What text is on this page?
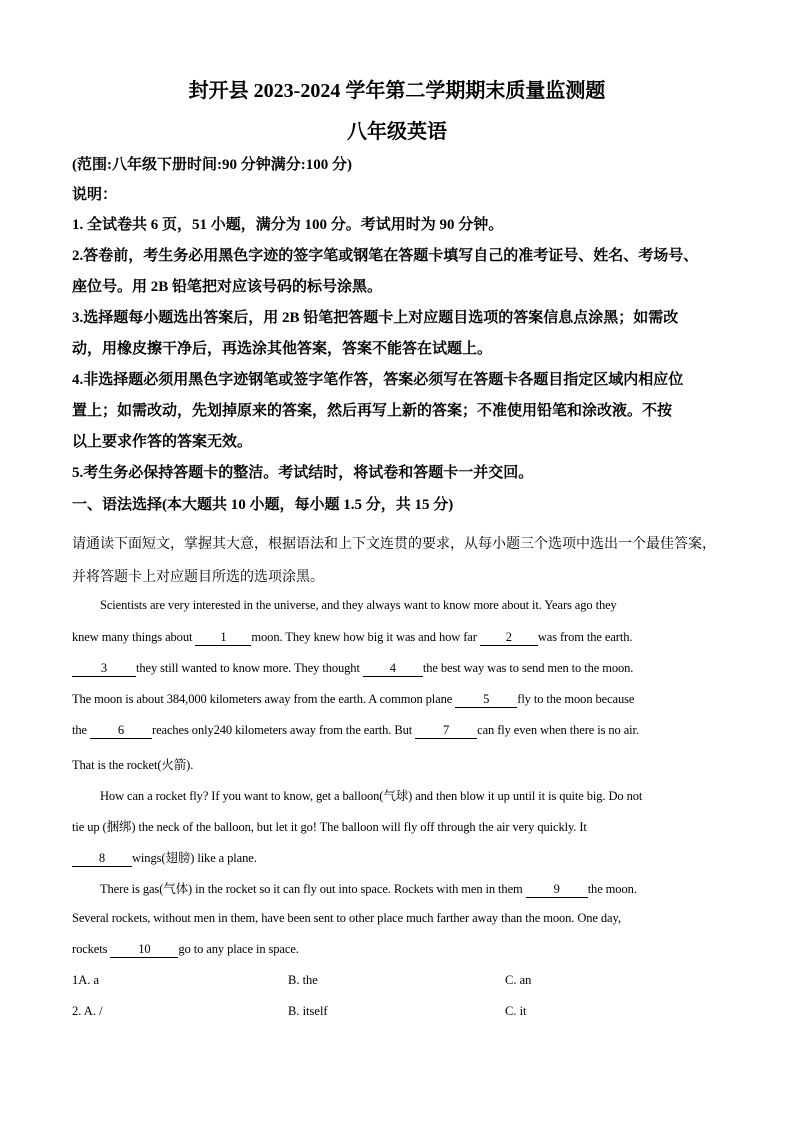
封开县 2023-2024 学年第二学期期末质量监测题
八年级英语
(范围:八年级下册时间:90 分钟满分:100 分)
说明：
1. 全试卷共 6 页，51 小题，满分为 100 分。考试用时为 90 分钟。
2.答卷前，考生务必用黑色字迹的签字笔或钢笔在答题卡填写自己的准考证号、姓名、考场号、
座位号。用 2B 铅笔把对应该号码的标号涂黑。
3.选择题每小题选出答案后，用 2B 铅笔把答题卡上对应题目选项的答案信息点涂黑；如需改
动，用橡皮擦干净后，再选涂其他答案，答案不能答在试题上。
4.非选择题必须用黑色字迹钢笔或签字笔作答，答案必须写在答题卡各题目指定区域内相应位
置上；如需改动，先划掉原来的答案，然后再写上新的答案；不准使用铅笔和涂改液。不按
以上要求作答的答案无效。
5.考生务必保持答题卡的整洁。考试结时，将试卷和答题卡一并交回。
一、语法选择(本大题共 10 小题，每小题 1.5 分，共 15 分)
请通读下面短文，掌握其大意，根据语法和上下文连贯的要求，从每小题三个选项中选出一个最佳答案，
并将答题卡上对应题目所选的选项涂黑。
Scientists are very interested in the universe, and they always want to know more about it. Years ago they
knew many things about 1 moon. They knew how big it was and how far 2 was from the earth.
3 they still wanted to know more. They thought 4 the best way was to send men to the moon.
The moon is about 384,000 kilometers away from the earth. A common plane 5 fly to the moon because
the 6 reaches only240 kilometers away from the earth. But 7 can fly even when there is no air.
That is the rocket(火箭).
How can a rocket fly? If you want to know, get a balloon(气球) and then blow it up until it is quite big. Do not
tie up (捆绑) the neck of the balloon, but let it go! The balloon will fly off through the air very quickly. It
8 wings(翅膀) like a plane.
There is gas(气体) in the rocket so it can fly out into space. Rockets with men in them 9 the moon.
Several rockets, without men in them, have been sent to other place much farther away than the moon. One day,
rockets 10 go to any place in space.
1A. a	B. the	C. an
2. A. /	B. itself	C. it
